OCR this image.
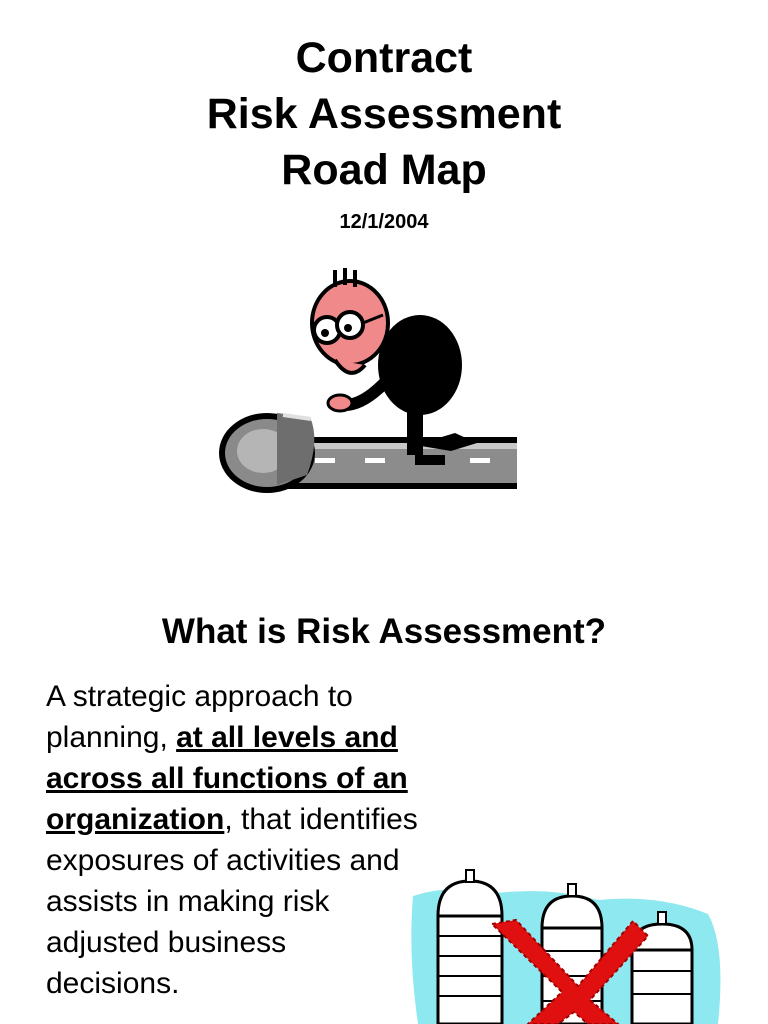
Contract
Risk Assessment
Road Map
12/1/2004
What is Risk Assessment?
A strategic approach to planning, at all levels and across all functions of an organization, that identifies exposures of activities and assists in making risk adjusted business decisions.
